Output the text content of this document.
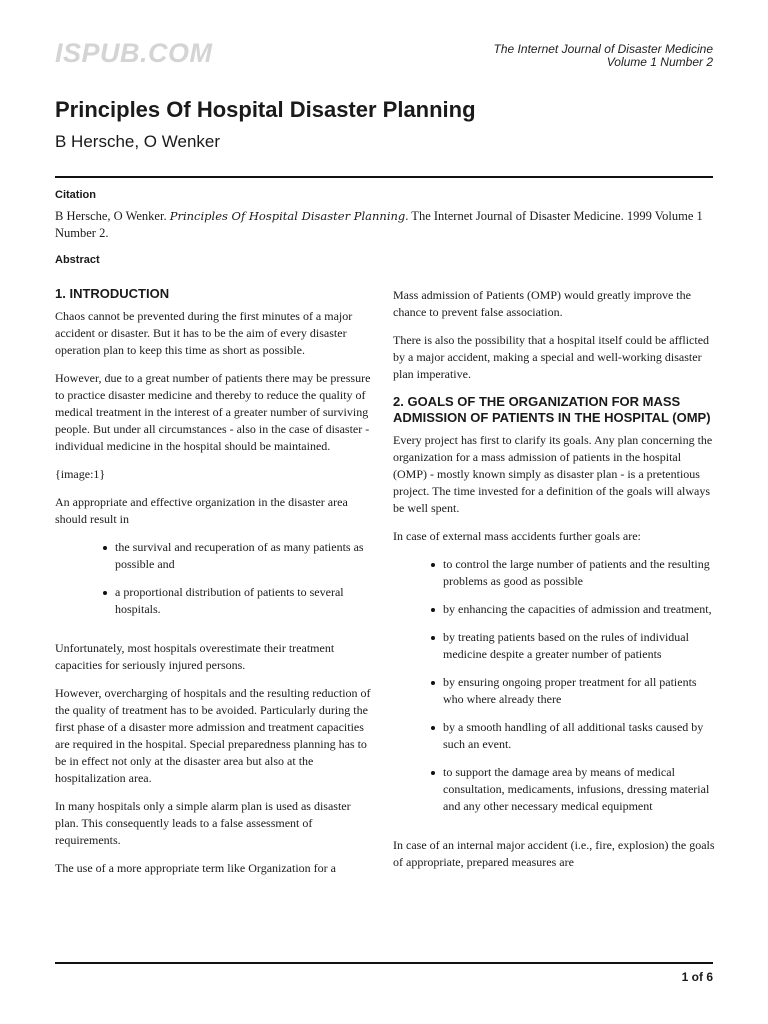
ISPUB.COM	The Internet Journal of Disaster Medicine
Volume 1 Number 2
Principles Of Hospital Disaster Planning
B Hersche, O Wenker
Citation
B Hersche, O Wenker. Principles Of Hospital Disaster Planning. The Internet Journal of Disaster Medicine. 1999 Volume 1 Number 2.
Abstract
1. INTRODUCTION

Chaos cannot be prevented during the first minutes of a major accident or disaster. But it has to be the aim of every disaster operation plan to keep this time as short as possible.

However, due to a great number of patients there may be pressure to practice disaster medicine and thereby to reduce the quality of medical treatment in the interest of a greater number of surviving people. But under all circumstances - also in the case of disaster - individual medicine in the hospital should be maintained.

{image:1}

An appropriate and effective organization in the disaster area should result in

the survival and recuperation of as many patients as possible and
a proportional distribution of patients to several hospitals.

Unfortunately, most hospitals overestimate their treatment capacities for seriously injured persons.

However, overcharging of hospitals and the resulting reduction of the quality of treatment has to be avoided. Particularly during the first phase of a disaster more admission and treatment capacities are required in the hospital. Special preparedness planning has to be in effect not only at the disaster area but also at the hospitalization area.

In many hospitals only a simple alarm plan is used as disaster plan. This consequently leads to a false assessment of requirements.

The use of a more appropriate term like Organization for a

Mass admission of Patients (OMP) would greatly improve the chance to prevent false association.

There is also the possibility that a hospital itself could be afflicted by a major accident, making a special and well-working disaster plan imperative.

2. GOALS OF THE ORGANIZATION FOR MASS ADMISSION OF PATIENTS IN THE HOSPITAL (OMP)

Every project has first to clarify its goals. Any plan concerning the organization for a mass admission of patients in the hospital (OMP) - mostly known simply as disaster plan - is a pretentious project. The time invested for a definition of the goals will always be well spent.

In case of external mass accidents further goals are:

to control the large number of patients and the resulting problems as good as possible
by enhancing the capacities of admission and treatment,
by treating patients based on the rules of individual medicine despite a greater number of patients
by ensuring ongoing proper treatment for all patients who where already there
by a smooth handling of all additional tasks caused by such an event.
to support the damage area by means of medical consultation, medicaments, infusions, dressing material and any other necessary medical equipment

In case of an internal major accident (i.e., fire, explosion) the goals of appropriate, prepared measures are

1 of 6
